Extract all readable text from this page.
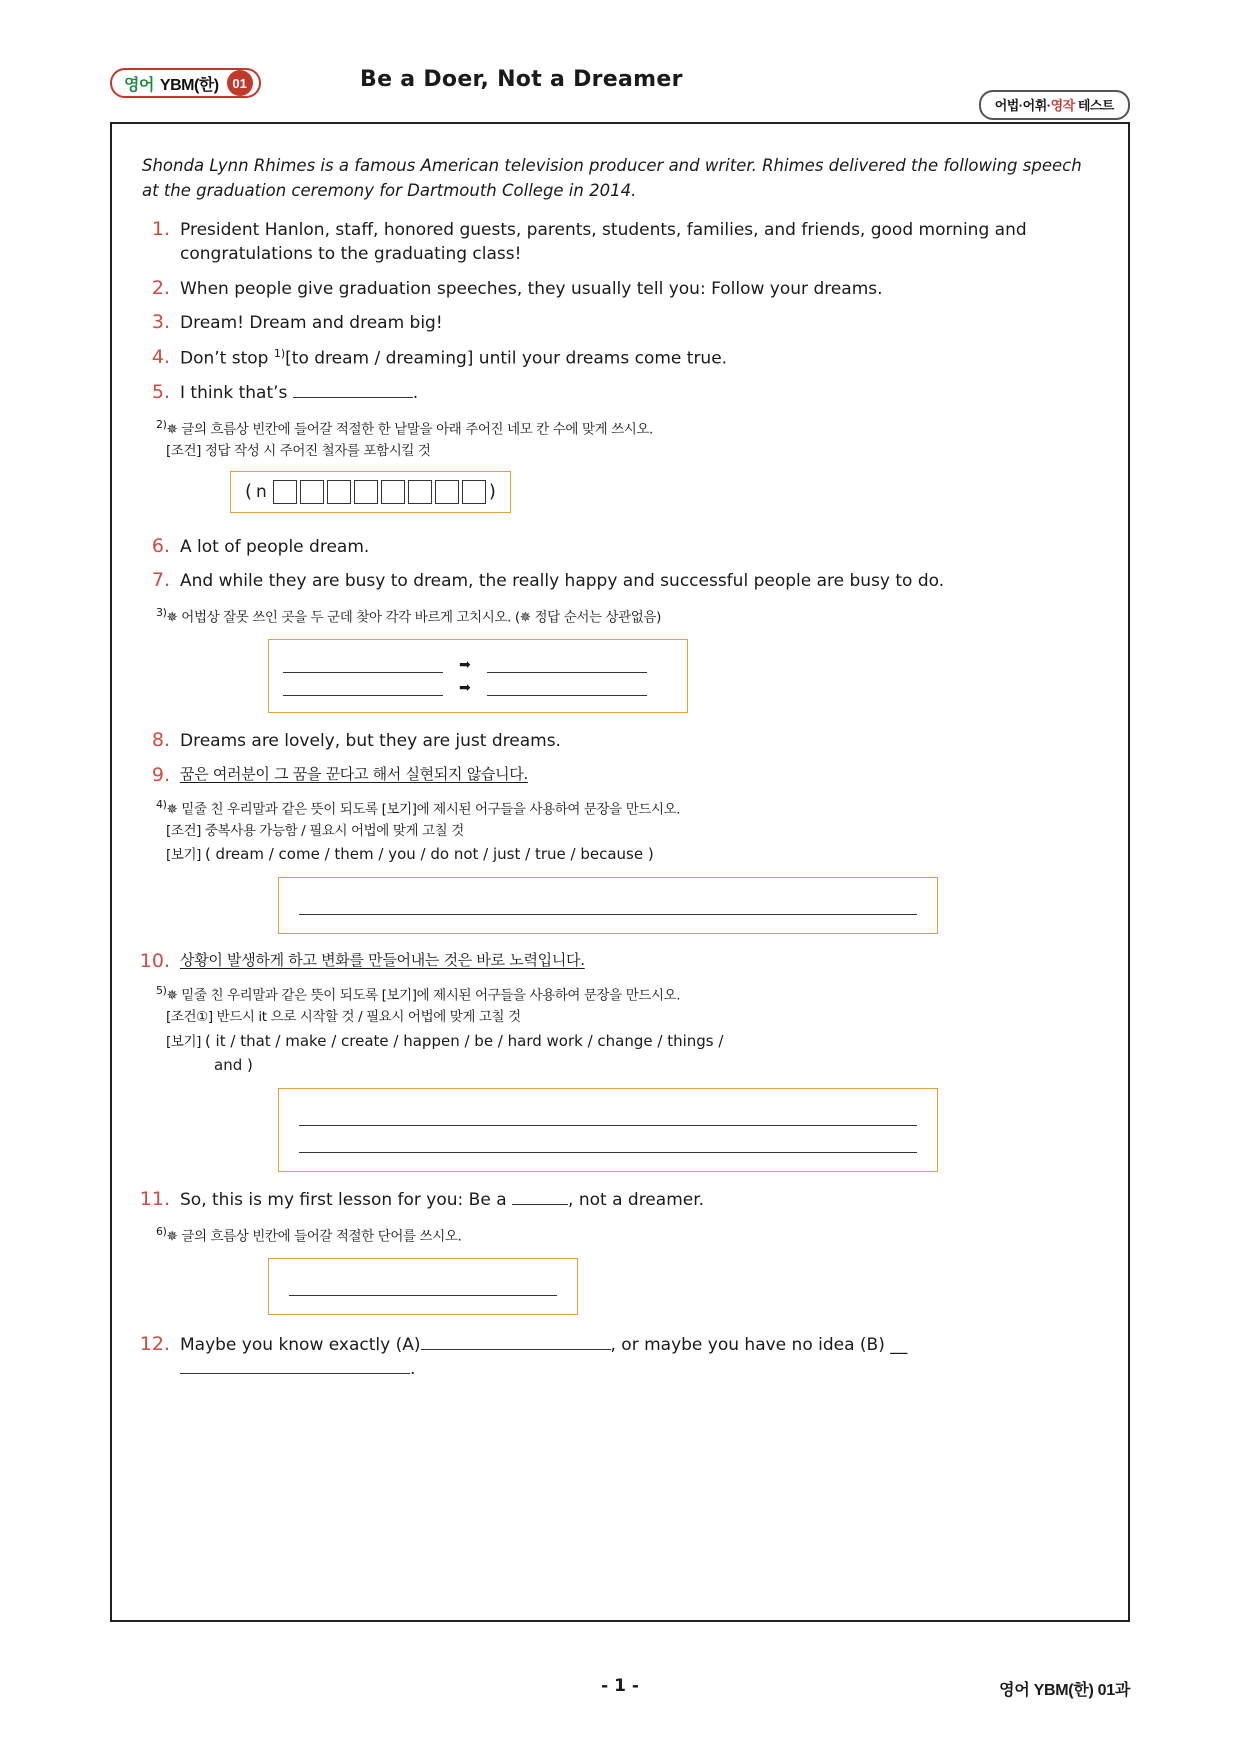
영어 YBM(한)	01	Be a Doer, Not a Dreamer
어법·어휘·영작 테스트
Shonda Lynn Rhimes is a famous American television producer and writer. Rhimes delivered the following speech at the graduation ceremony for Dartmouth College in 2014.
1. President Hanlon, staff, honored guests, parents, students, families, and friends, good morning and congratulations to the graduating class!
2. When people give graduation speeches, they usually tell you: Follow your dreams.
3. Dream! Dream and dream big!
4. Don’t stop $^{1)}$[to dream / dreaming] until your dreams come true.
5. I think that’s	.
$^{2)}$✵ 글의 흐름상 빈칸에 들어갈 적절한 한 낱말을 아래 주어진 네모 칸 수에 맞게 쓰시오.
[조건] 정답 작성 시 주어진 철자를 포함시킬 것
( n	)
6. A lot of people dream.
7. And while they are busy to dream, the really happy and successful people are busy to do.
$^{3)}$✵ 어법상 잘못 쓰인 곳을 두 군데 찾아 각각 바르게 고치시오. (✵ 정답 순서는 상관없음)
➡
➡
8. Dreams are lovely, but they are just dreams.
9. 꿈은 여러분이 그 꿈을 꾼다고 해서 실현되지 않습니다.
$^{4)}$✵ 밑줄 친 우리말과 같은 뜻이 되도록 [보기]에 제시된 어구들을 사용하여 문장을 만드시오.
[조건] 중복사용 가능함 / 필요시 어법에 맞게 고칠 것
[보기] ( dream / come / them / you / do not / just / true / because )
10. 상황이 발생하게 하고 변화를 만들어내는 것은 바로 노력입니다.
$^{5)}$✵ 밑줄 친 우리말과 같은 뜻이 되도록 [보기]에 제시된 어구들을 사용하여 문장을 만드시오.
[조건①] 반드시 it 으로 시작할 것 / 필요시 어법에 맞게 고칠 것
[보기] ( it / that / make / create / happen / be / hard work / change / things /
and )
11. So, this is my first lesson for you: Be a	, not a dreamer.
$^{6)}$✵ 글의 흐름상 빈칸에 들어갈 적절한 단어를 쓰시오.
12. Maybe you know exactly (A)	, or maybe you have no idea (B) __
.
- 1 -	영어 YBM(한) 01과
